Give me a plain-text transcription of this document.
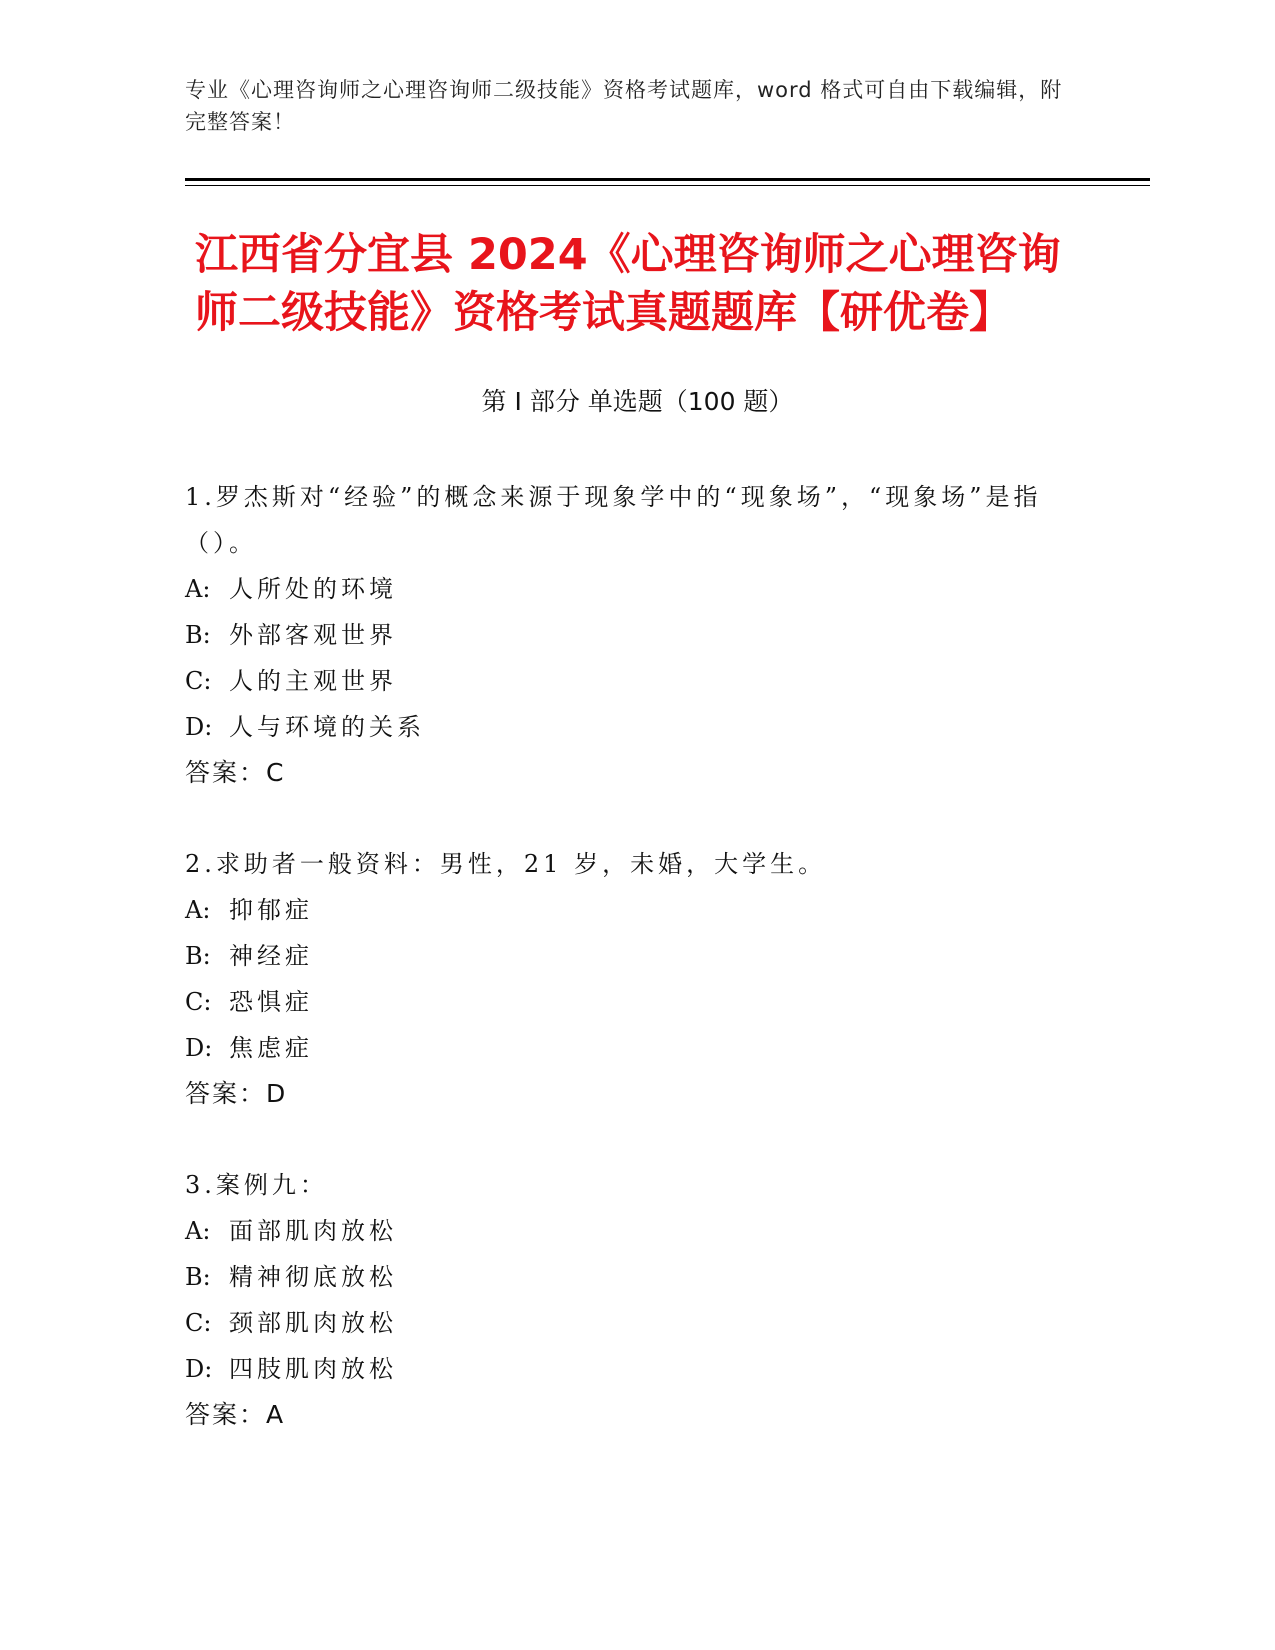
专业《心理咨询师之心理咨询师二级技能》资格考试题库，word 格式可自由下载编辑，附完整答案！
江西省分宜县 2024《心理咨询师之心理咨询师二级技能》资格考试真题题库【研优卷】
第 I 部分 单选题（100 题）
1.罗杰斯对“经验”的概念来源于现象学中的“现象场”，“现象场”是指（）。
A: 人所处的环境
B: 外部客观世界
C: 人的主观世界
D: 人与环境的关系
答案：C
2.求助者一般资料：男性，21 岁，未婚，大学生。
A: 抑郁症
B: 神经症
C: 恐惧症
D: 焦虑症
答案：D
3.案例九：
A: 面部肌肉放松
B: 精神彻底放松
C: 颈部肌肉放松
D: 四肢肌肉放松
答案：A
